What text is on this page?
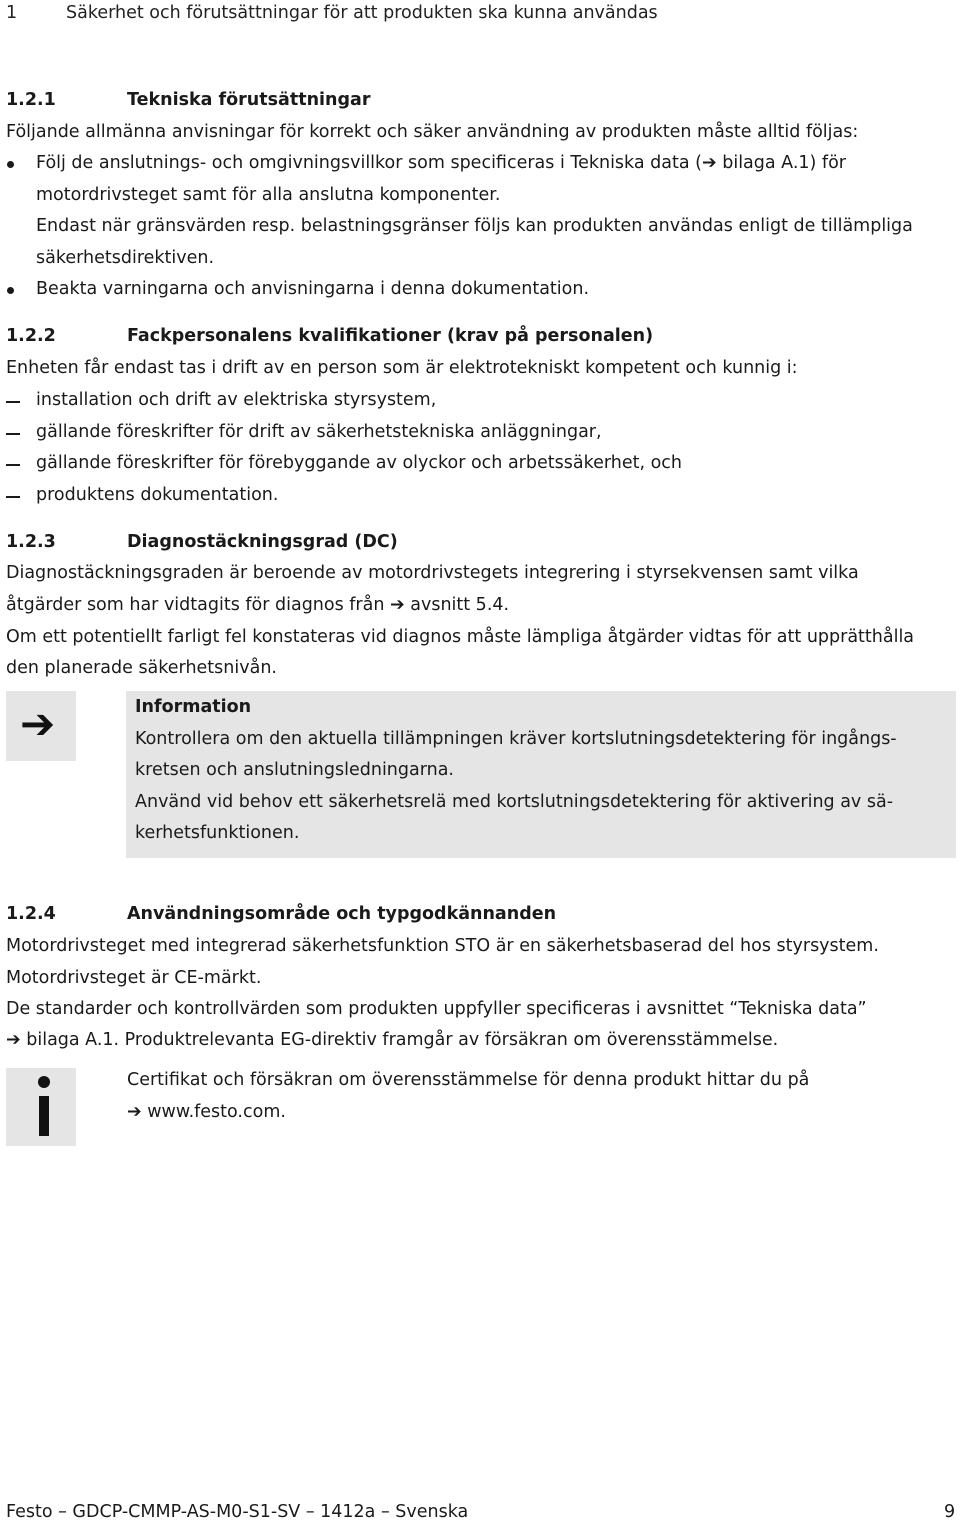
1	Säkerhet och förutsättningar för att produkten ska kunna användas
1.2.1	Tekniska förutsättningar
Följande allmänna anvisningar för korrekt och säker användning av produkten måste alltid följas:
Följ de anslutnings- och omgivningsvillkor som specificeras i Tekniska data (➔ bilaga A.1) för
motordrivsteget samt för alla anslutna komponenter.
Endast när gränsvärden resp. belastningsgränser följs kan produkten användas enligt de tillämpliga
säkerhetsdirektiven.
Beakta varningarna och anvisningarna i denna dokumentation.
1.2.2	Fackpersonalens kvalifikationer (krav på personalen)
Enheten får endast tas i drift av en person som är elektrotekniskt kompetent och kunnig i:
installation och drift av elektriska styrsystem,
gällande föreskrifter för drift av säkerhetstekniska anläggningar,
gällande föreskrifter för förebyggande av olyckor och arbetssäkerhet, och
produktens dokumentation.
1.2.3	Diagnostäckningsgrad (DC)
Diagnostäckningsgraden är beroende av motordrivstegets integrering i styrsekvensen samt vilka
åtgärder som har vidtagits för diagnos från ➔ avsnitt 5.4.
Om ett potentiellt farligt fel konstateras vid diagnos måste lämpliga åtgärder vidtas för att upprätthålla
den planerade säkerhetsnivån.
➔	Information
Kontrollera om den aktuella tillämpningen kräver kortslutningsdetektering för ingångs-
kretsen och anslutningsledningarna.
Använd vid behov ett säkerhetsrelä med kortslutningsdetektering för aktivering av sä-
kerhetsfunktionen.
1.2.4	Användningsområde och typgodkännanden
Motordrivsteget med integrerad säkerhetsfunktion STO är en säkerhetsbaserad del hos styrsystem.
Motordrivsteget är CE-märkt.
De standarder och kontrollvärden som produkten uppfyller specificeras i avsnittet “Tekniska data”
➔ bilaga A.1. Produktrelevanta EG-direktiv framgår av försäkran om överensstämmelse.
Certifikat och försäkran om överensstämmelse för denna produkt hittar du på
➔ www.festo.com.
Festo – GDCP-CMMP-AS-M0-S1-SV – 1412a – Svenska	9
